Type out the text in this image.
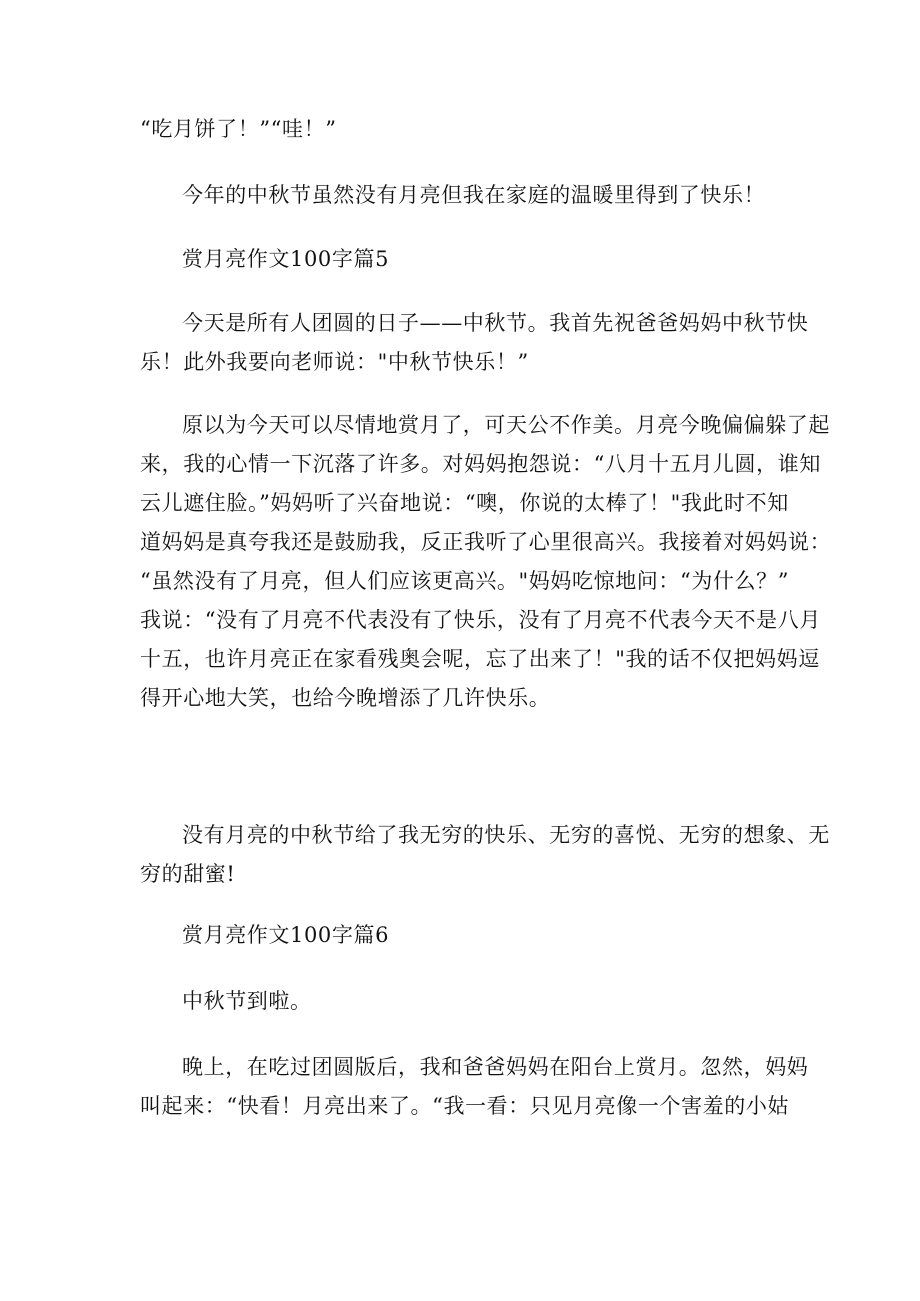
“吃月饼了！”“哇！”

今年的中秋节虽然没有月亮但我在家庭的温暖里得到了快乐！

赏月亮作文100字篇5

今天是所有人团圆的日子——中秋节。我首先祝爸爸妈妈中秋节快
乐！此外我要向老师说："中秋节快乐！”

原以为今天可以尽情地赏月了，可天公不作美。月亮今晚偏偏躲了起
来，我的心情一下沉落了许多。对妈妈抱怨说：“八月十五月儿圆，谁知
云儿遮住脸。”妈妈听了兴奋地说：“噢，你说的太棒了！"我此时不知
道妈妈是真夸我还是鼓励我，反正我听了心里很高兴。我接着对妈妈说：
“虽然没有了月亮，但人们应该更高兴。"妈妈吃惊地问：“为什么？”
我说：“没有了月亮不代表没有了快乐，没有了月亮不代表今天不是八月
十五，也许月亮正在家看残奥会呢，忘了出来了！"我的话不仅把妈妈逗
得开心地大笑，也给今晚增添了几许快乐。

没有月亮的中秋节给了我无穷的快乐、无穷的喜悦、无穷的想象、无
穷的甜蜜!

赏月亮作文100字篇6

中秋节到啦。

晚上，在吃过团圆版后，我和爸爸妈妈在阳台上赏月。忽然，妈妈
叫起来：“快看！月亮出来了。“我一看：只见月亮像一个害羞的小姑
